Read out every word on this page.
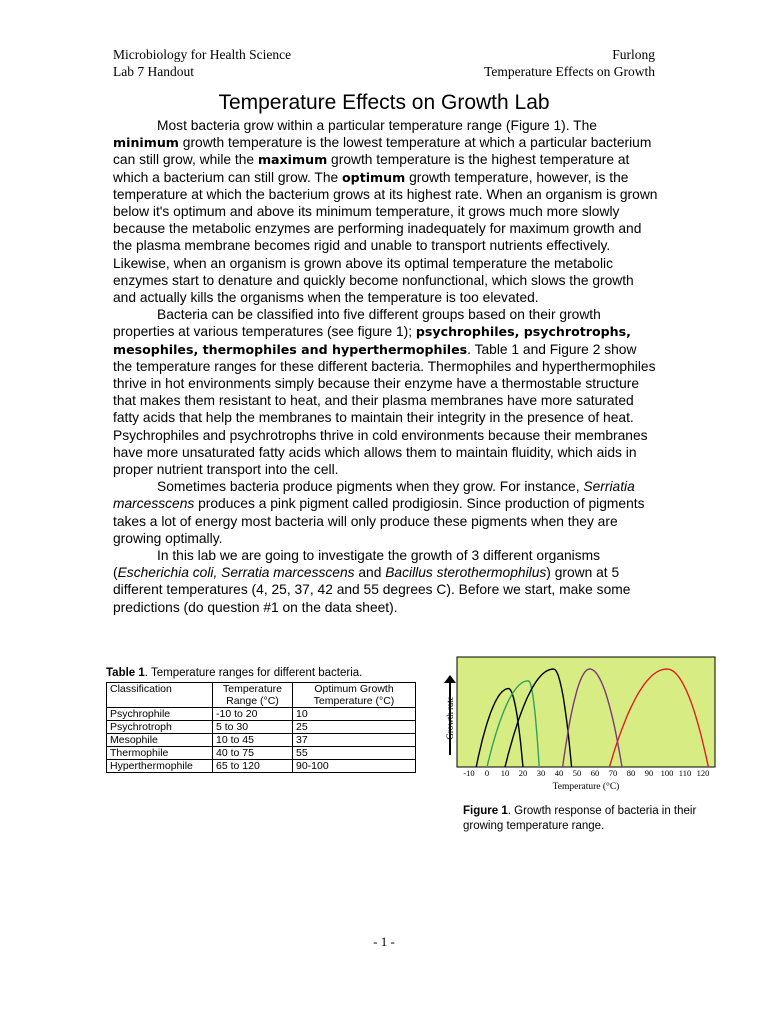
Microbiology for Health Science
Lab 7 Handout
Furlong
Temperature Effects on Growth
Temperature Effects on Growth Lab

Most bacteria grow within a particular temperature range (Figure 1). The minimum growth temperature is the lowest temperature at which a particular bacterium can still grow, while the maximum growth temperature is the highest temperature at which a bacterium can still grow. The optimum growth temperature, however, is the temperature at which the bacterium grows at its highest rate. When an organism is grown below it's optimum and above its minimum temperature, it grows much more slowly because the metabolic enzymes are performing inadequately for maximum growth and the plasma membrane becomes rigid and unable to transport nutrients effectively. Likewise, when an organism is grown above its optimal temperature the metabolic enzymes start to denature and quickly become nonfunctional, which slows the growth and actually kills the organisms when the temperature is too elevated.

Bacteria can be classified into five different groups based on their growth properties at various temperatures (see figure 1); psychrophiles, psychrotrophs, mesophiles, thermophiles and hyperthermophiles. Table 1 and Figure 2 show the temperature ranges for these different bacteria. Thermophiles and hyperthermophiles thrive in hot environments simply because their enzyme have a thermostable structure that makes them resistant to heat, and their plasma membranes have more saturated fatty acids that help the membranes to maintain their integrity in the presence of heat. Psychrophiles and psychrotrophs thrive in cold environments because their membranes have more unsaturated fatty acids which allows them to maintain fluidity, which aids in proper nutrient transport into the cell.

Sometimes bacteria produce pigments when they grow. For instance, Serriatia marcesscens produces a pink pigment called prodigiosin. Since production of pigments takes a lot of energy most bacteria will only produce these pigments when they are growing optimally.

In this lab we are going to investigate the growth of 3 different organisms (Escherichia coli, Serratia marcesscens and Bacillus sterothermophilus) grown at 5 different temperatures (4, 25, 37, 42 and 55 degrees C). Before we start, make some predictions (do question #1 on the data sheet).

Table 1. Temperature ranges for different bacteria.
Classification	Temperature Range (°C)	Optimum Growth Temperature (°C)
Psychrophile	-10 to 20	10
Psychrotroph	5 to 30	25
Mesophile	10 to 45	37
Thermophile	40 to 75	55
Hyperthermophile	65 to 120	90-100
Growth rate
-10 0 10 20 30 40 50 60 70 80 90 100 110 120
Temperature (°C)
Figure 1. Growth response of bacteria in their growing temperature range.
- 1 -
